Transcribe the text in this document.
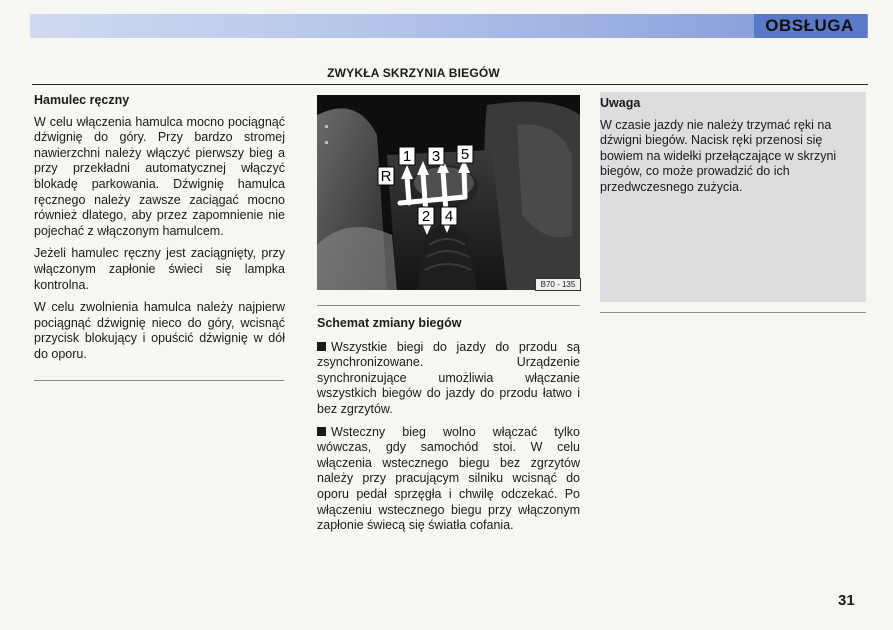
OBSŁUGA
ZWYKŁA SKRZYNIA BIEGÓW
Hamulec ręczny

W celu włączenia hamulca mocno pociągnąć dźwignię do góry. Przy bardzo stromej nawierzchni należy włączyć pierwszy bieg a przy przekładni automatycznej włączyć blokadę parkowania. Dźwignię hamulca ręcznego należy zawsze zaciągać mocno również dlatego, aby przez zapomnienie nie pojechać z włączonym hamulcem.

Jeżeli hamulec ręczny jest zaciągnięty, przy włączonym zapłonie świeci się lampka kontrolna.

W celu zwolnienia hamulca należy najpierw pociągnąć dźwignię nieco do góry, wcisnąć przycisk blokujący i opuścić dźwignię w dół do oporu.

1 3 5
R
2 4
B70 - 135
Schemat zmiany biegów

Wszystkie biegi do jazdy do przodu są zsynchronizowane. Urządzenie synchronizujące umożliwia włączanie wszystkich biegów do jazdy do przodu łatwo i bez zgrzytów.

Wsteczny bieg wolno włączać tylko wówczas, gdy samochód stoi. W celu włączenia wstecznego biegu bez zgrzytów należy przy pracującym silniku wcisnąć do oporu pedał sprzęgła i chwilę odczekać. Po włączeniu wstecznego biegu przy włączonym zapłonie świecą się światła cofania.

Uwaga

W czasie jazdy nie należy trzymać ręki na dźwigni biegów. Nacisk ręki przenosi się bowiem na widełki przełączające w skrzyni biegów, co może prowadzić do ich przedwczesnego zużycia.

31
